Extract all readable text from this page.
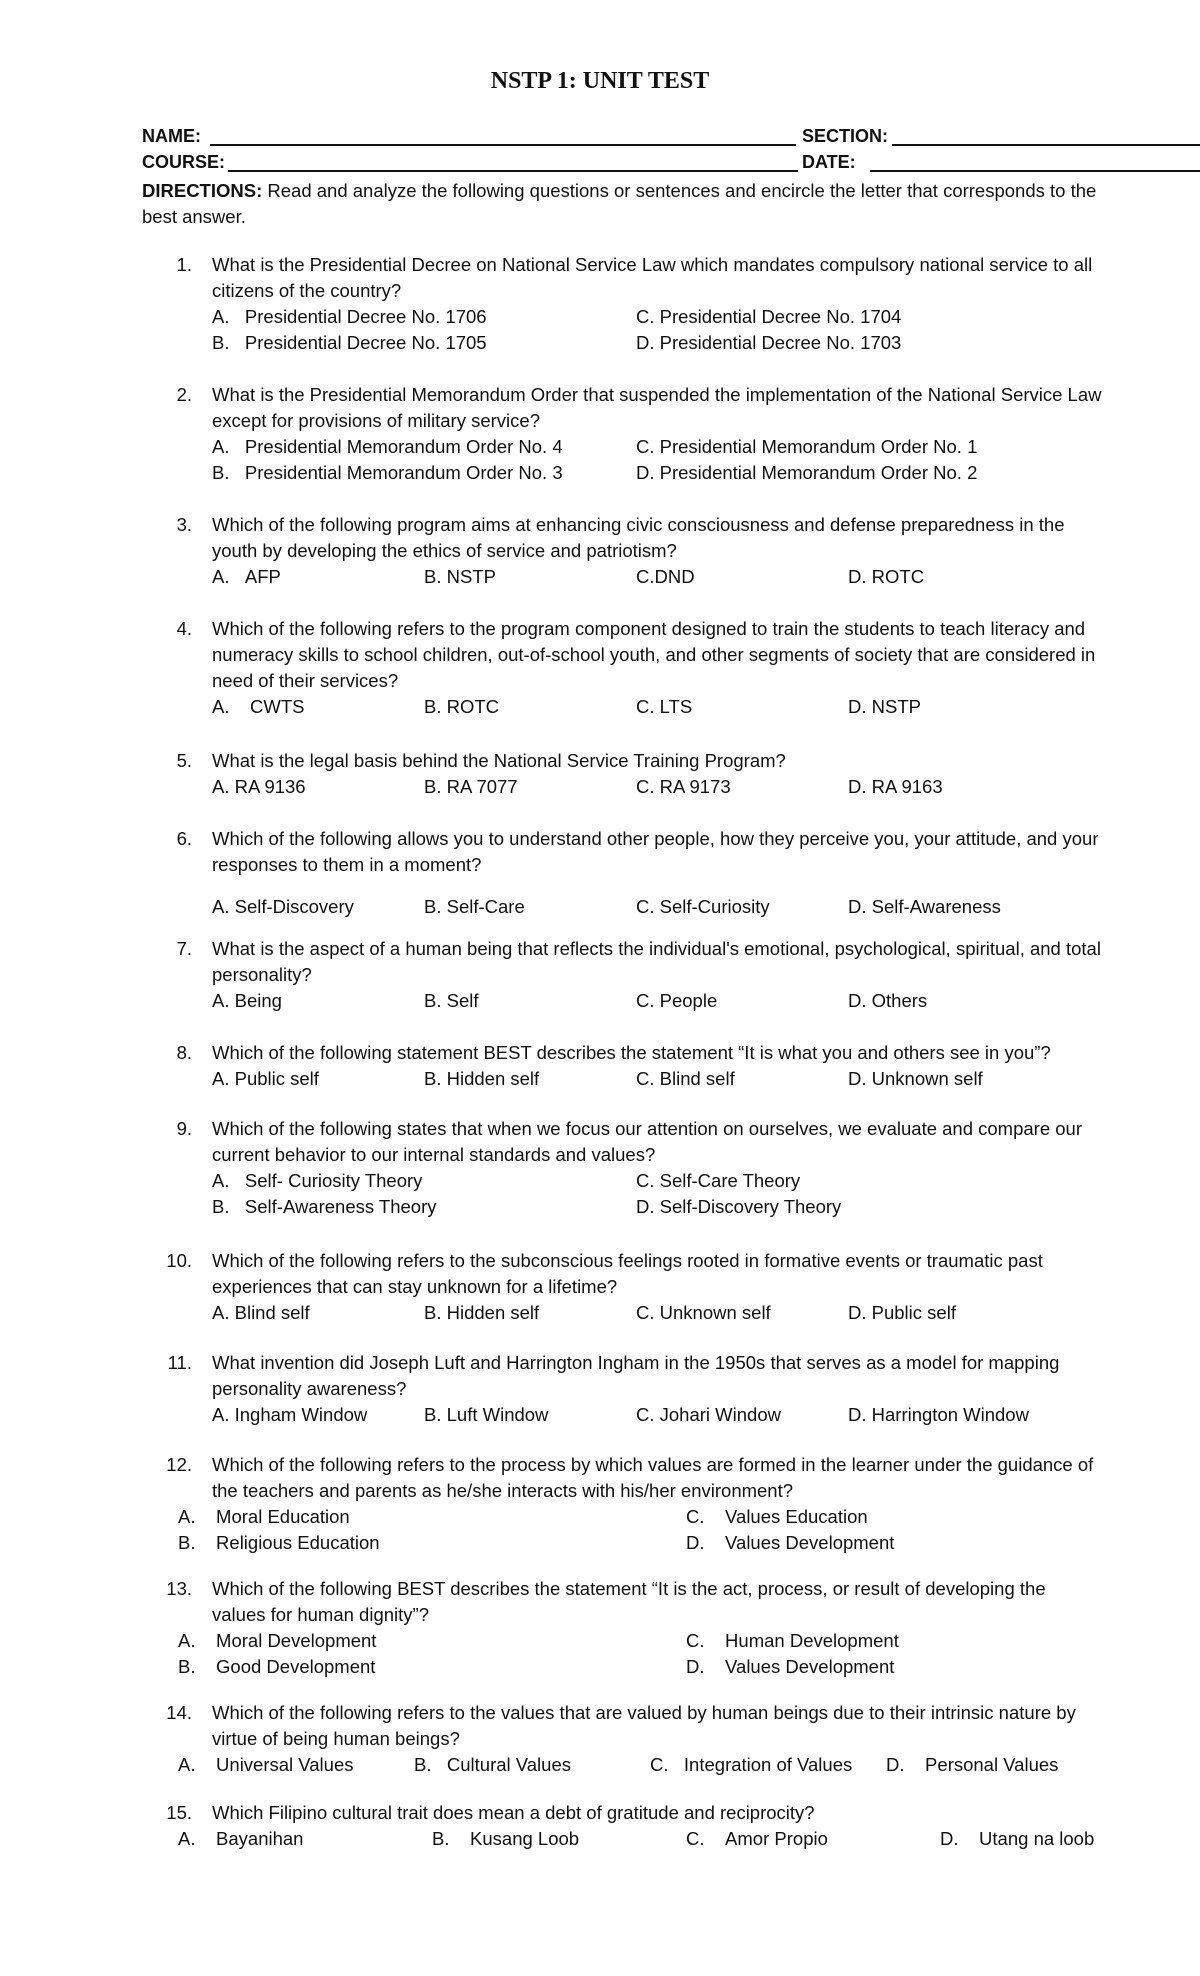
NSTP 1: UNIT TEST
NAME:	SECTION:
COURSE:	DATE:
DIRECTIONS: Read and analyze the following questions or sentences and encircle the letter that corresponds to the best answer.
1. What is the Presidential Decree on National Service Law which mandates compulsory national service to all citizens of the country?
A.   Presidential Decree No. 1706	C. Presidential Decree No. 1704
B.   Presidential Decree No. 1705	D. Presidential Decree No. 1703
2. What is the Presidential Memorandum Order that suspended the implementation of the National Service Law except for provisions of military service?
A.   Presidential Memorandum Order No. 4	C. Presidential Memorandum Order No. 1
B.   Presidential Memorandum Order No. 3	D. Presidential Memorandum Order No. 2
3. Which of the following program aims at enhancing civic consciousness and defense preparedness in the youth by developing the ethics of service and patriotism?
A.   AFP	B. NSTP	C.DND	D. ROTC
4. Which of the following refers to the program component designed to train the students to teach literacy and numeracy skills to school children, out-of-school youth, and other segments of society that are considered in need of their services?
A.    CWTS	B. ROTC	C. LTS	D. NSTP
5. What is the legal basis behind the National Service Training Program?
A. RA 9136	B. RA 7077	C. RA 9173	D. RA 9163
6. Which of the following allows you to understand other people, how they perceive you, your attitude, and your responses to them in a moment?
A. Self-Discovery	B. Self-Care	C. Self-Curiosity	D. Self-Awareness
7. What is the aspect of a human being that reflects the individual's emotional, psychological, spiritual, and total personality?
A. Being	B. Self	C. People	D. Others
8. Which of the following statement BEST describes the statement “It is what you and others see in you”?
A. Public self	B. Hidden self	C. Blind self	D. Unknown self
9. Which of the following states that when we focus our attention on ourselves, we evaluate and compare our current behavior to our internal standards and values?
A.   Self- Curiosity Theory	C. Self-Care Theory
B.   Self-Awareness Theory	D. Self-Discovery Theory
10. Which of the following refers to the subconscious feelings rooted in formative events or traumatic past experiences that can stay unknown for a lifetime?
A. Blind self	B. Hidden self	C. Unknown self	D. Public self
11. What invention did Joseph Luft and Harrington Ingham in the 1950s that serves as a model for mapping personality awareness?
A. Ingham Window	B. Luft Window	C. Johari Window	D. Harrington Window
12. Which of the following refers to the process by which values are formed in the learner under the guidance of the teachers and parents as he/she interacts with his/her environment?
A.    Moral Education	C.    Values Education
B.    Religious Education	D.    Values Development
13. Which of the following BEST describes the statement “It is the act, process, or result of developing the values for human dignity”?
A.    Moral Development	C.    Human Development
B.    Good Development	D.    Values Development
14. Which of the following refers to the values that are valued by human beings due to their intrinsic nature by virtue of being human beings?
A.    Universal Values	B.   Cultural Values	C.   Integration of Values D.    Personal Values
15. Which Filipino cultural trait does mean a debt of gratitude and reciprocity?
A.    Bayanihan	B.    Kusang Loob	C.    Amor Propio	D.    Utang na loob
